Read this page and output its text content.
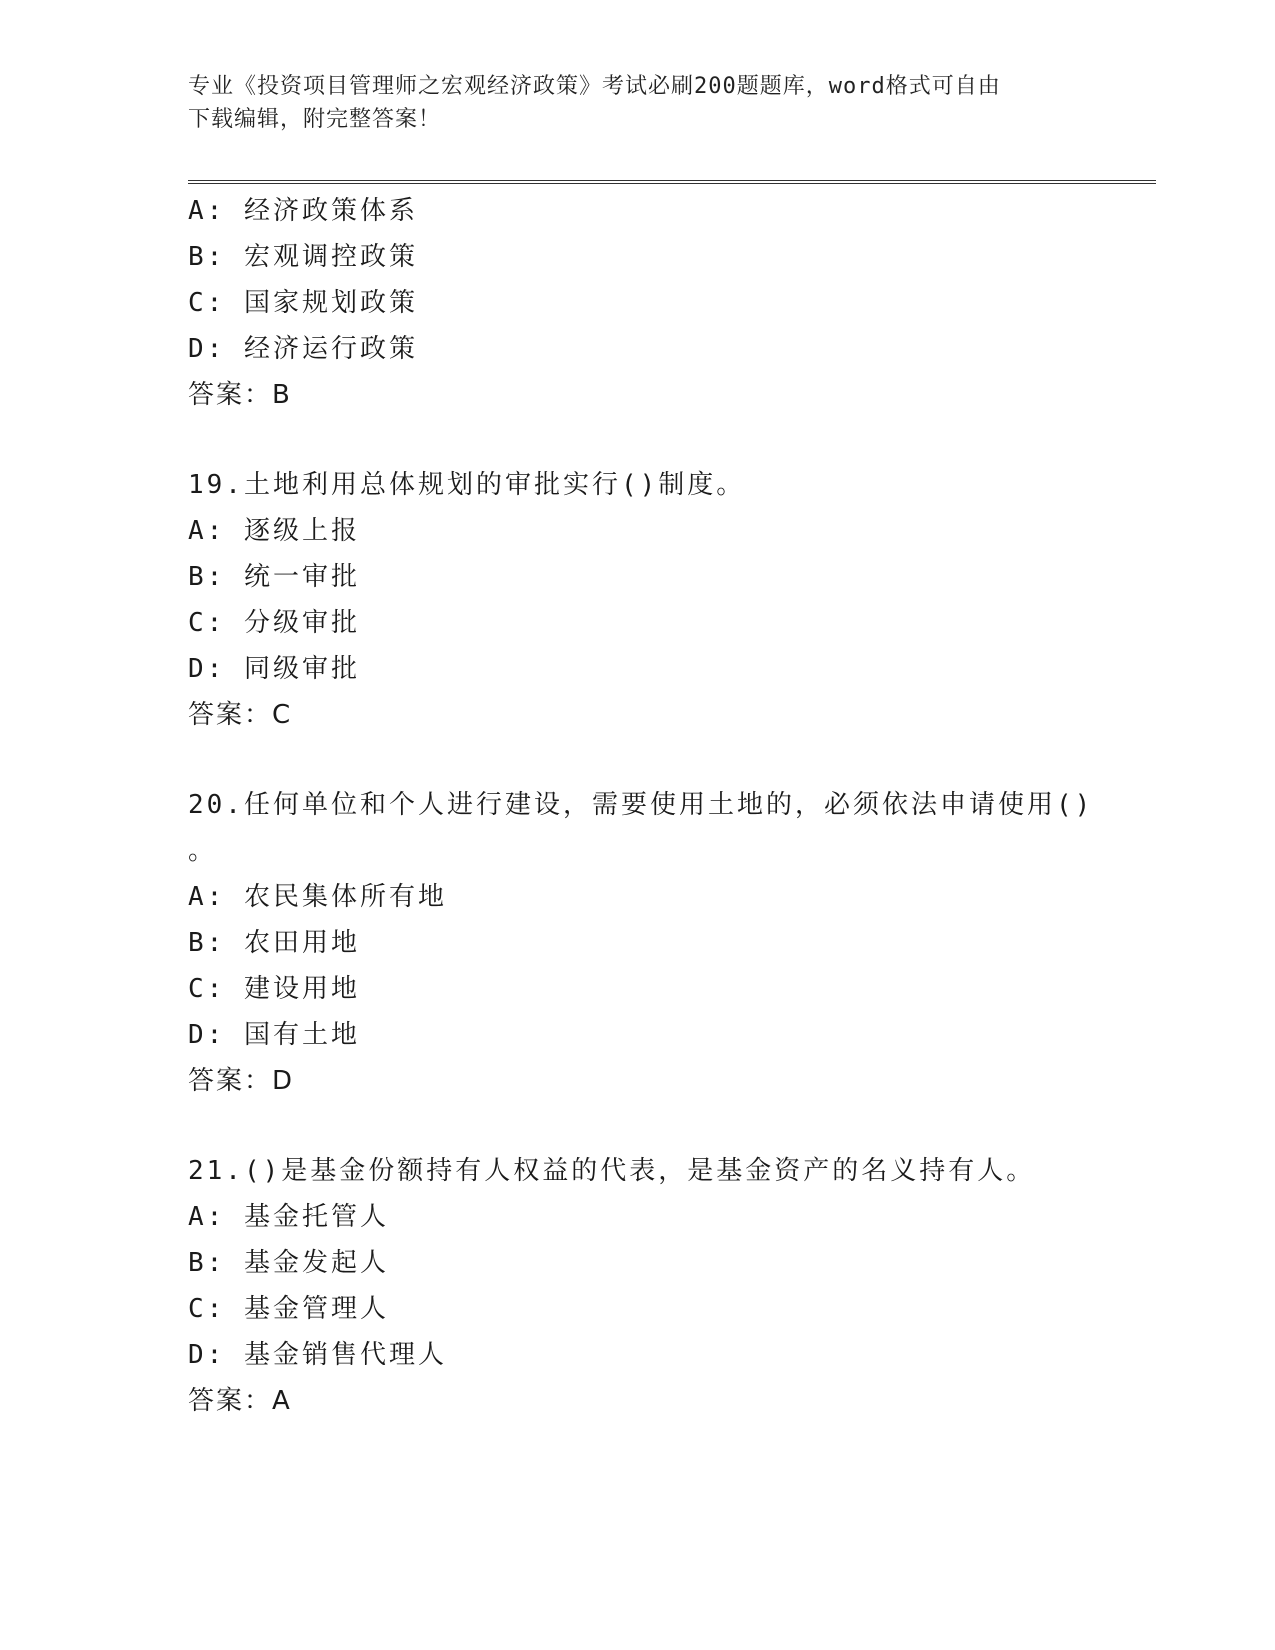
专业《投资项目管理师之宏观经济政策》考试必刷200题题库，word格式可自由
下载编辑，附完整答案！
A: 经济政策体系
B: 宏观调控政策
C: 国家规划政策
D: 经济运行政策
答案：B
19.土地利用总体规划的审批实行()制度。
A: 逐级上报
B: 统一审批
C: 分级审批
D: 同级审批
答案：C
20.任何单位和个人进行建设，需要使用土地的，必须依法申请使用()
。
A: 农民集体所有地
B: 农田用地
C: 建设用地
D: 国有土地
答案：D
21.()是基金份额持有人权益的代表，是基金资产的名义持有人。
A: 基金托管人
B: 基金发起人
C: 基金管理人
D: 基金销售代理人
答案：A
